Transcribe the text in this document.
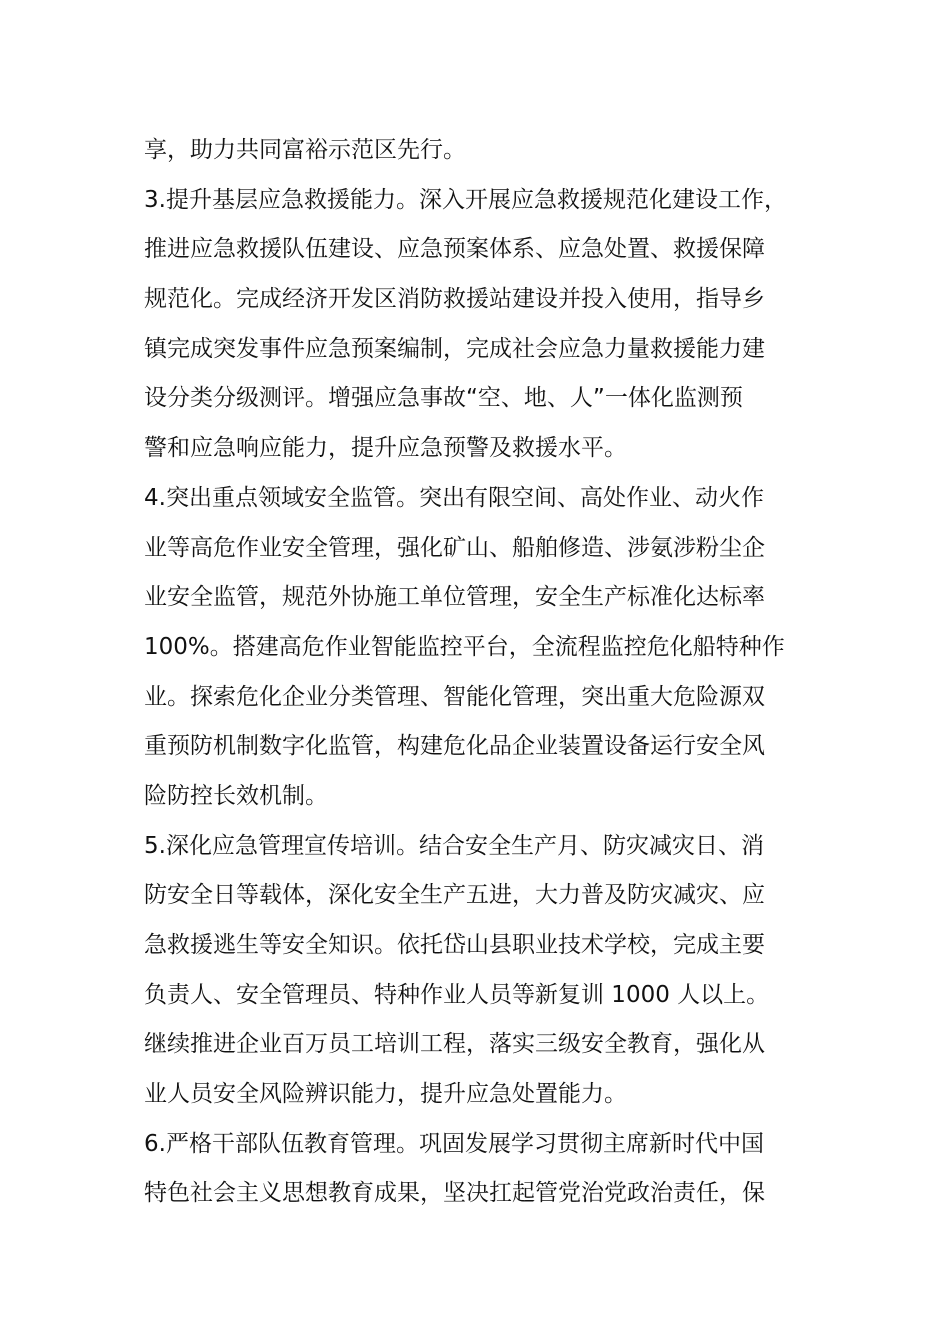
享，助力共同富裕示范区先行。
3.提升基层应急救援能力。深入开展应急救援规范化建设工作，
推进应急救援队伍建设、应急预案体系、应急处置、救援保障
规范化。完成经济开发区消防救援站建设并投入使用，指导乡
镇完成突发事件应急预案编制，完成社会应急力量救援能力建
设分类分级测评。增强应急事故“空、地、人”一体化监测预
警和应急响应能力，提升应急预警及救援水平。
4.突出重点领域安全监管。突出有限空间、高处作业、动火作
业等高危作业安全管理，强化矿山、船舶修造、涉氨涉粉尘企
业安全监管，规范外协施工单位管理，安全生产标准化达标率
100%。搭建高危作业智能监控平台，全流程监控危化船特种作
业。探索危化企业分类管理、智能化管理，突出重大危险源双
重预防机制数字化监管，构建危化品企业装置设备运行安全风
险防控长效机制。
5.深化应急管理宣传培训。结合安全生产月、防灾减灾日、消
防安全日等载体，深化安全生产五进，大力普及防灾减灾、应
急救援逃生等安全知识。依托岱山县职业技术学校，完成主要
负责人、安全管理员、特种作业人员等新复训 1000 人以上。
继续推进企业百万员工培训工程，落实三级安全教育，强化从
业人员安全风险辨识能力，提升应急处置能力。
6.严格干部队伍教育管理。巩固发展学习贯彻主席新时代中国
特色社会主义思想教育成果，坚决扛起管党治党政治责任，保
